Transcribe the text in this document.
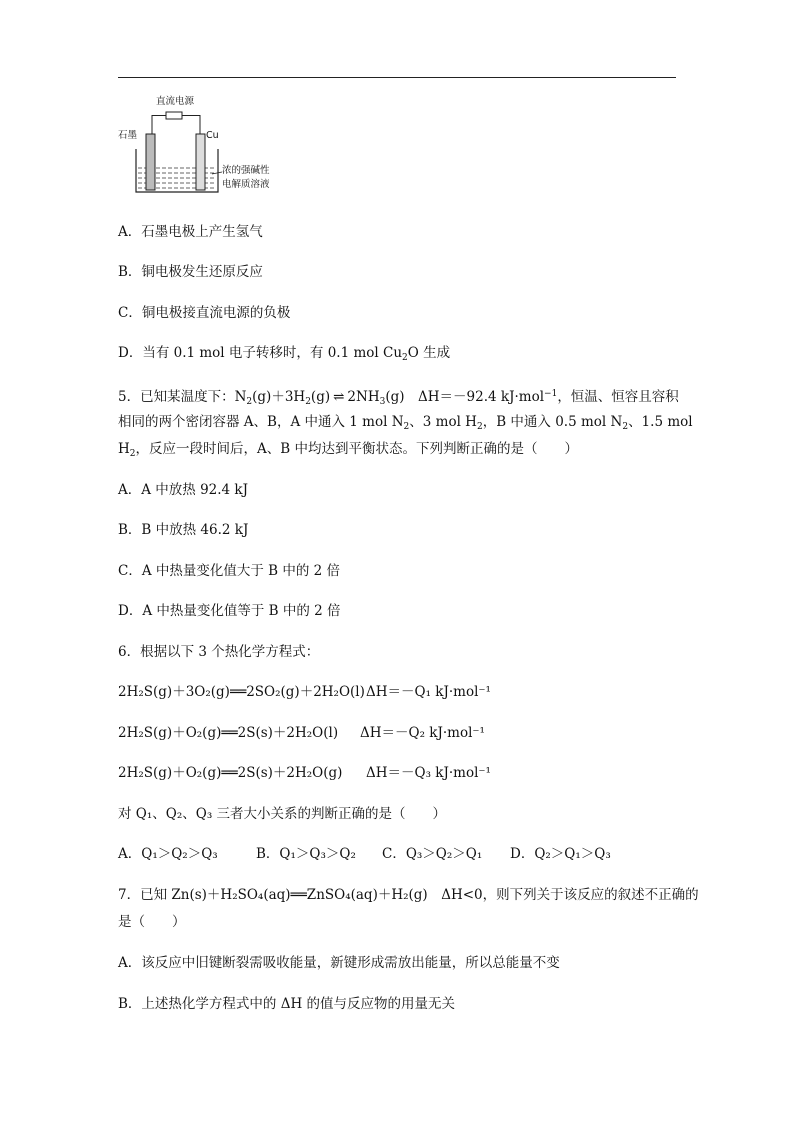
直流电源
石墨	Cu
浓的强碱性
电解质溶液
A．石墨电极上产生氢气
B．铜电极发生还原反应
C．铜电极接直流电源的负极
D．当有 0.1 mol 电子转移时，有 0.1 mol $Cu_2O$ 生成
5．已知某温度下：$N_2(g)+3H_2(g)$ ⇌ $2NH_3(g)$　ΔH＝－92.4 kJ·mol$^{-1}$，恒温、恒容且容积
相同的两个密闭容器 A、B，A 中通入 1 mol $N_2$、3 mol $H_2$，B 中通入 0.5 mol $N_2$、1.5 mol
$H_2$，反应一段时间后，A、B 中均达到平衡状态。下列判断正确的是（　　）
A．A 中放热 92.4 kJ
B．B 中放热 46.2 kJ
C．A 中热量变化值大于 B 中的 2 倍
D．A 中热量变化值等于 B 中的 2 倍
6．根据以下 3 个热化学方程式：
2H₂S(g)＋3O₂(g)══2SO₂(g)＋2H₂O(l) ΔH＝－Q₁ kJ·mol⁻¹
2H₂S(g)＋O₂(g)══2S(s)＋2H₂O(l)	ΔH＝－Q₂ kJ·mol⁻¹
2H₂S(g)＋O₂(g)══2S(s)＋2H₂O(g)	ΔH＝－Q₃ kJ·mol⁻¹
对 Q₁、Q₂、Q₃ 三者大小关系的判断正确的是（　　）
A．Q₁＞Q₂＞Q₃	B．Q₁＞Q₃＞Q₂	C．Q₃＞Q₂＞Q₁	D．Q₂＞Q₁＞Q₃
7．已知 Zn(s)＋H₂SO₄(aq)══ZnSO₄(aq)＋H₂(g)　ΔH<0，则下列关于该反应的叙述不正确的
是（　　）
A．该反应中旧键断裂需吸收能量，新键形成需放出能量，所以总能量不变
B．上述热化学方程式中的 ΔH 的值与反应物的用量无关
